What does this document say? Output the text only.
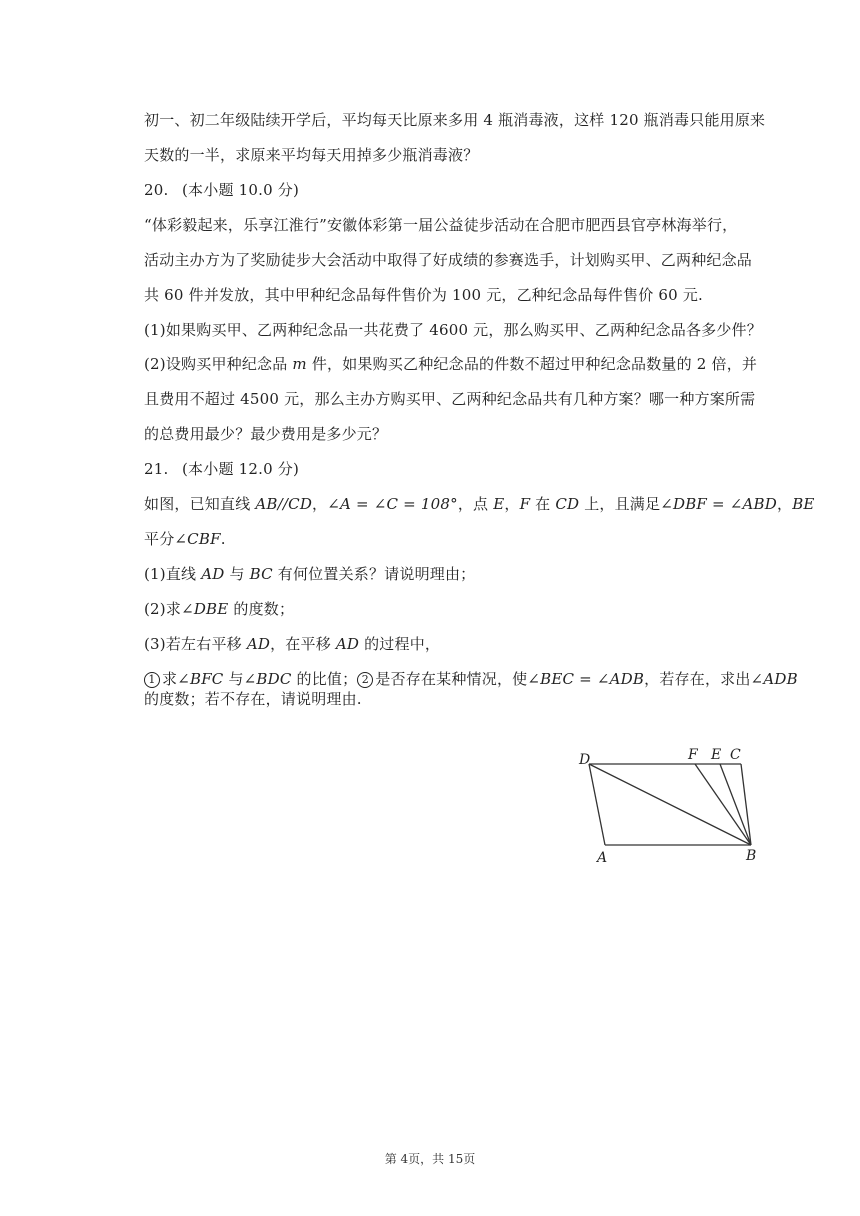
初一、初二年级陆续开学后，平均每天比原来多用 4 瓶消毒液，这样 120 瓶消毒只能用原来
天数的一半，求原来平均每天用掉多少瓶消毒液？
20. (本小题 10.0 分)
“体彩毅起来，乐享江淮行”安徽体彩第一届公益徒步活动在合肥市肥西县官亭林海举行，
活动主办方为了奖励徒步大会活动中取得了好成绩的参赛选手，计划购买甲、乙两种纪念品
共 60 件并发放，其中甲种纪念品每件售价为 100 元，乙种纪念品每件售价 60 元.
(1)如果购买甲、乙两种纪念品一共花费了 4600 元，那么购买甲、乙两种纪念品各多少件？
(2)设购买甲种纪念品 m 件，如果购买乙种纪念品的件数不超过甲种纪念品数量的 2 倍，并
且费用不超过 4500 元，那么主办方购买甲、乙两种纪念品共有几种方案？哪一种方案所需
的总费用最少？最少费用是多少元？
21. (本小题 12.0 分)
如图，已知直线 AB//CD，∠A = ∠C = 108°，点 E，F 在 CD 上，且满足∠DBF = ∠ABD，BE
平分∠CBF.
(1)直线 AD 与 BC 有何位置关系？请说明理由；
(2)求∠DBE 的度数；
(3)若左右平移 AD，在平移 AD 的过程中，
1 求∠BFC 与∠BDC 的比值； 2 是否存在某种情况，使∠BEC = ∠ADB，若存在，求出∠ADB
的度数；若不存在，请说明理由.
D	F E C
A	B
第 4页，共 15页
